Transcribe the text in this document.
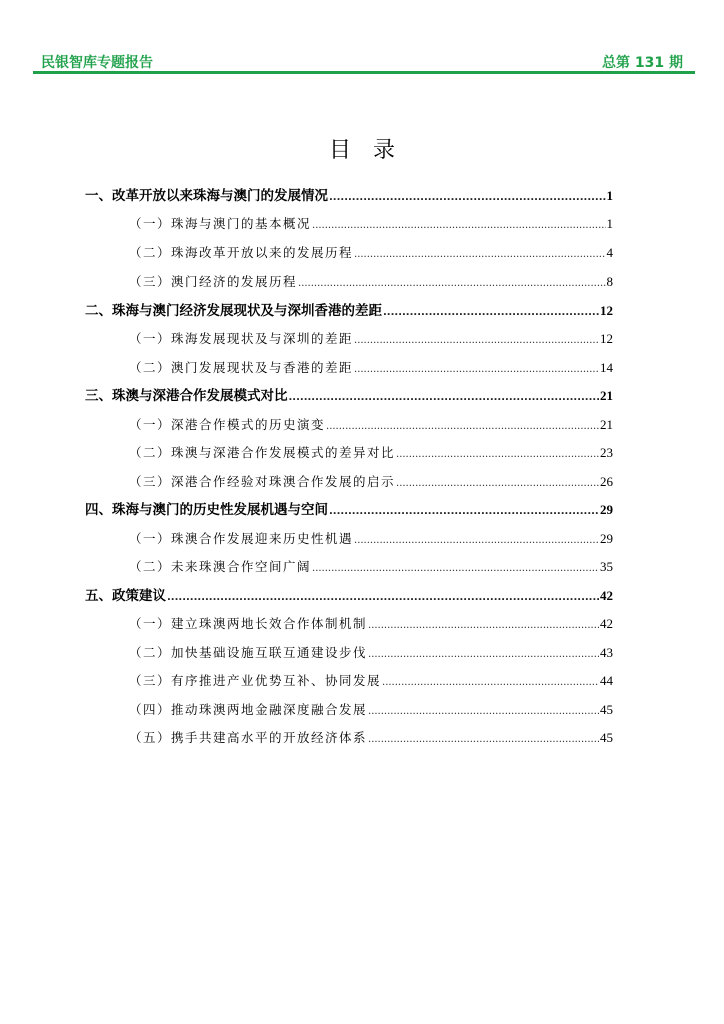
民银智库专题报告	总第 131 期
目录
一、改革开放以来珠海与澳门的发展情况 .....	1
（一）珠海与澳门的基本概况 .....	1
（二）珠海改革开放以来的发展历程 .....	4
（三）澳门经济的发展历程 .....	8
二、珠海与澳门经济发展现状及与深圳香港的差距 .....	12
（一）珠海发展现状及与深圳的差距 .....	12
（二）澳门发展现状及与香港的差距 .....	14
三、珠澳与深港合作发展模式对比 .....	21
（一）深港合作模式的历史演变 .....	21
（二）珠澳与深港合作发展模式的差异对比 .....	23
（三）深港合作经验对珠澳合作发展的启示 .....	26
四、珠海与澳门的历史性发展机遇与空间 .....	29
（一）珠澳合作发展迎来历史性机遇 .....	29
（二）未来珠澳合作空间广阔 .....	35
五、政策建议 .....	42
（一）建立珠澳两地长效合作体制机制 .....	42
（二）加快基础设施互联互通建设步伐 .....	43
（三）有序推进产业优势互补、协同发展 .....	44
（四）推动珠澳两地金融深度融合发展 .....	45
（五）携手共建高水平的开放经济体系 .....	45
